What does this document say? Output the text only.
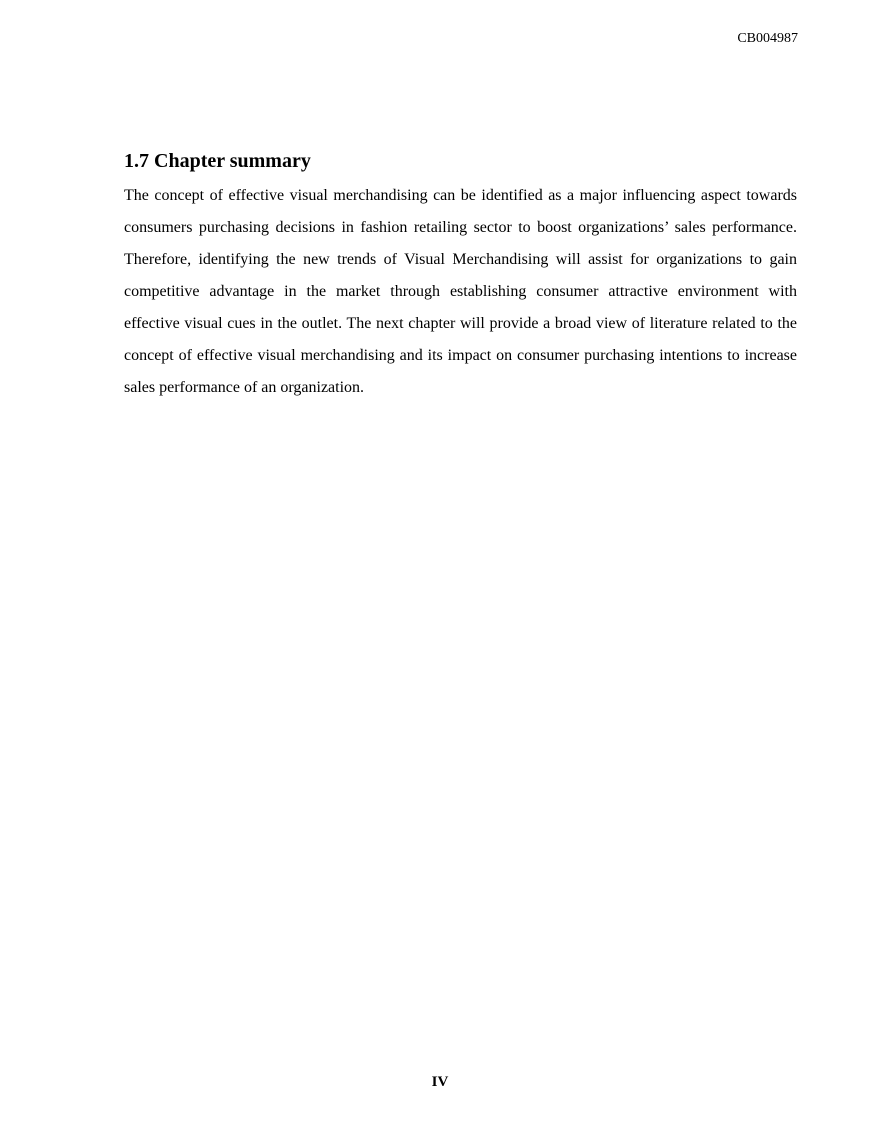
CB004987

1.7 Chapter summary

The concept of effective visual merchandising can be identified as a major influencing aspect towards consumers purchasing decisions in fashion retailing sector to boost organizations’ sales performance. Therefore, identifying the new trends of Visual Merchandising will assist for organizations to gain competitive advantage in the market through establishing consumer attractive environment with effective visual cues in the outlet. The next chapter will provide a broad view of literature related to the concept of effective visual merchandising and its impact on consumer purchasing intentions to increase sales performance of an organization.

IV
